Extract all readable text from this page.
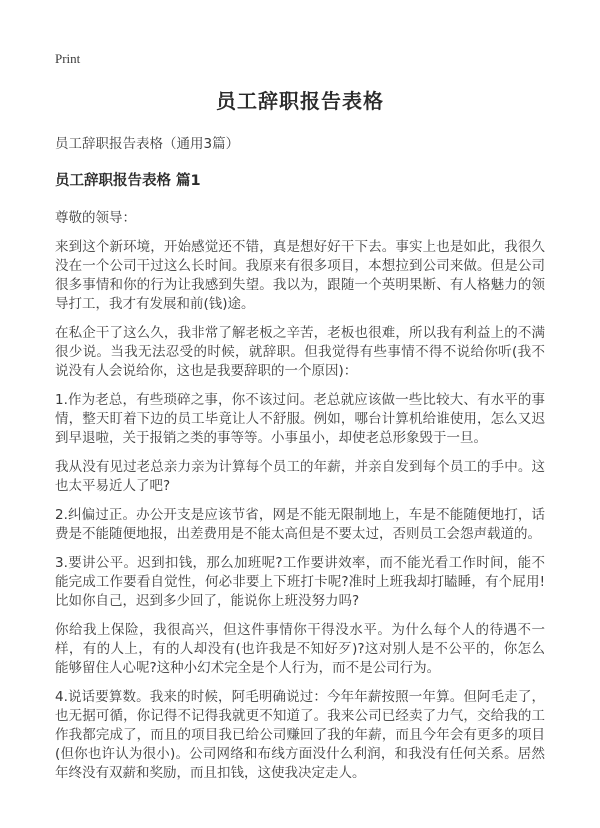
Print
员工辞职报告表格

员工辞职报告表格（通用3篇）

员工辞职报告表格 篇1

尊敬的领导：

来到这个新环境，开始感觉还不错，真是想好好干下去。事实上也是如此，我很久没在一个公司干过这么长时间。我原来有很多项目，本想拉到公司来做。但是公司很多事情和你的行为让我感到失望。我以为，跟随一个英明果断、有人格魅力的领导打工，我才有发展和前(钱)途。

在私企干了这么久，我非常了解老板之辛苦，老板也很难，所以我有利益上的不满很少说。当我无法忍受的时候，就辞职。但我觉得有些事情不得不说给你听(我不说没有人会说给你，这也是我要辞职的一个原因)：

1.作为老总，有些琐碎之事，你不该过问。老总就应该做一些比较大、有水平的事情，整天盯着下边的员工毕竟让人不舒服。例如，哪台计算机给谁使用，怎么又迟到早退啦，关于报销之类的事等等。小事虽小，却使老总形象毁于一旦。

我从没有见过老总亲力亲为计算每个员工的年薪，并亲自发到每个员工的手中。这也太平易近人了吧?

2.纠偏过正。办公开支是应该节省，网是不能无限制地上，车是不能随便地打，话费是不能随便地报，出差费用是不能太高但是不要太过，否则员工会怨声载道的。

3.要讲公平。迟到扣钱，那么加班呢?工作要讲效率，而不能光看工作时间，能不能完成工作要看自觉性，何必非要上下班打卡呢?准时上班我却打瞌睡，有个屁用!比如你自己，迟到多少回了，能说你上班没努力吗?

你给我上保险，我很高兴，但这件事情你干得没水平。为什么每个人的待遇不一样，有的人上，有的人却没有(也许我是不知好歹)?这对别人是不公平的，你怎么能够留住人心呢?这种小幻术完全是个人行为，而不是公司行为。

4.说话要算数。我来的时候，阿毛明确说过：今年年薪按照一年算。但阿毛走了，也无据可循，你记得不记得我就更不知道了。我来公司已经卖了力气，交给我的工作我都完成了，而且的项目我已给公司赚回了我的年薪，而且今年会有更多的项目(但你也许认为很小)。公司网络和布线方面没什么利润，和我没有任何关系。居然年终没有双薪和奖励，而且扣钱，这使我决定走人。
